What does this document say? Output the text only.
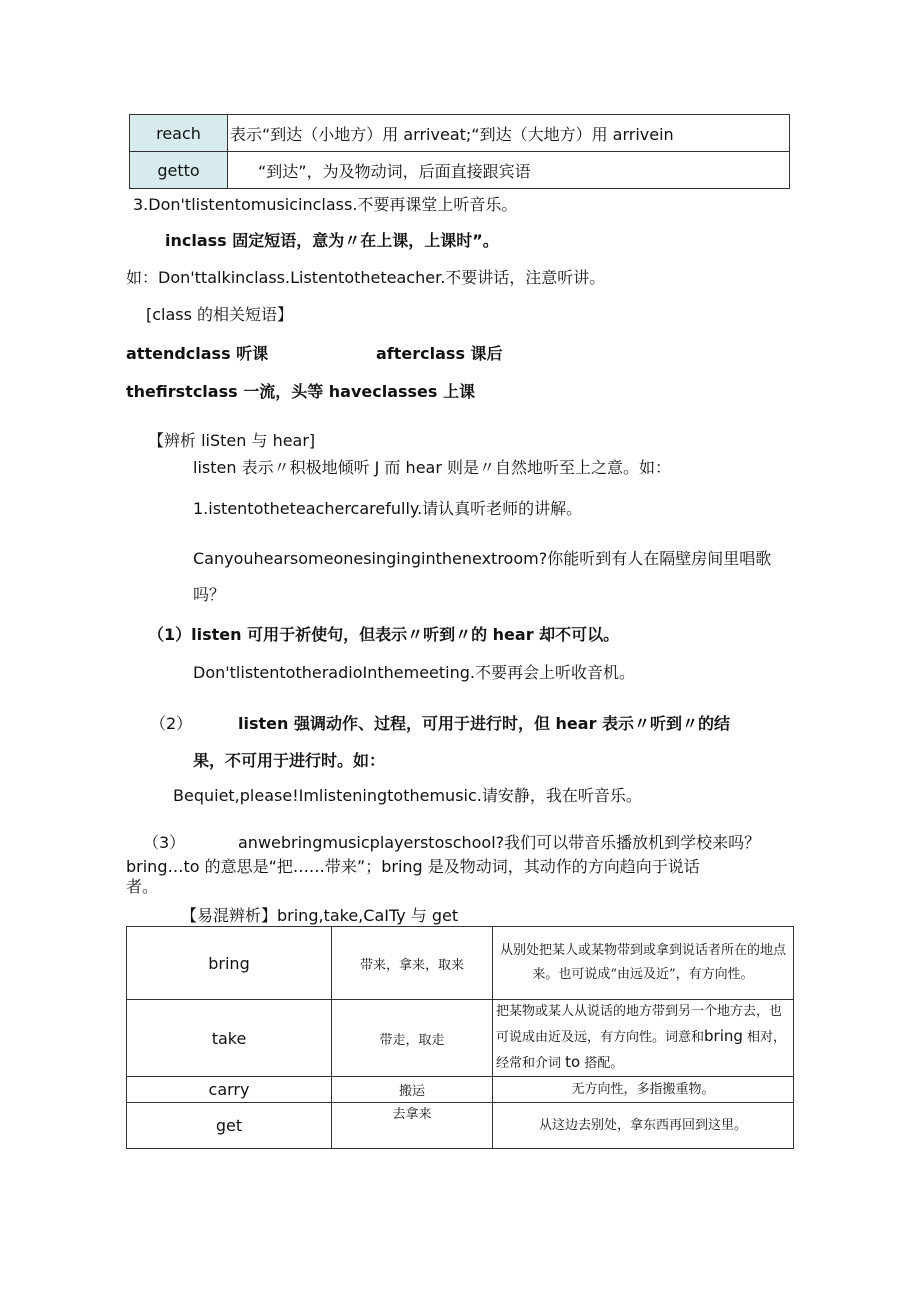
reach	表示“到达（小地方）用 arriveat;“到达（大地方）用 arrivein
getto	“到达”，为及物动词，后面直接跟宾语
3.Don'tlistentomusicinclass.不要再课堂上听音乐。
inclass 固定短语，意为〃在上课，上课时”。
如：Don'ttalkinclass.Listentotheteacher.不要讲话，注意听讲。
[class 的相关短语】
attendclass 听课	afterclass 课后
thefirstclass 一流，头等 haveclasses 上课
【辨析 liSten 与 hear]
listen 表示〃积极地倾听 J 而 hear 则是〃自然地听至上之意。如：
1.istentotheteachercarefully.请认真听老师的讲解。
Canyouhearsomeonesinginginthenextroom?你能听到有人在隔壁房间里唱歌
吗？
（1）listen 可用于祈使句，但表示〃听到〃的 hear 却不可以。
Don'tlistentotheradioInthemeeting.不要再会上听收音机。
（2）	listen 强调动作、过程，可用于进行时，但 hear 表示〃听到〃的结
果，不可用于进行时。如：
Bequiet,please!Imlisteningtothemusic.请安静，我在听音乐。
（3）	anwebringmusicplayerstoschool?我们可以带音乐播放机到学校来吗？
bring…to 的意思是“把……带来”；bring 是及物动词，其动作的方向趋向于说话
者。
【易混辨析】bring,take,CaITy 与 get
bring	带来，拿来，取来	从别处把某人或某物带到或拿到说话者所在的地点来。也可说成“由远及近”，有方向性。
take	带走，取走	把某物或某人从说话的地方带到另一个地方去，也可说成由近及远，有方向性。词意和bring 相对，经常和介词 to 搭配。
carry	搬运	无方向性，多指搬重物。
get	去拿来	从这边去别处，拿东西再回到这里。
